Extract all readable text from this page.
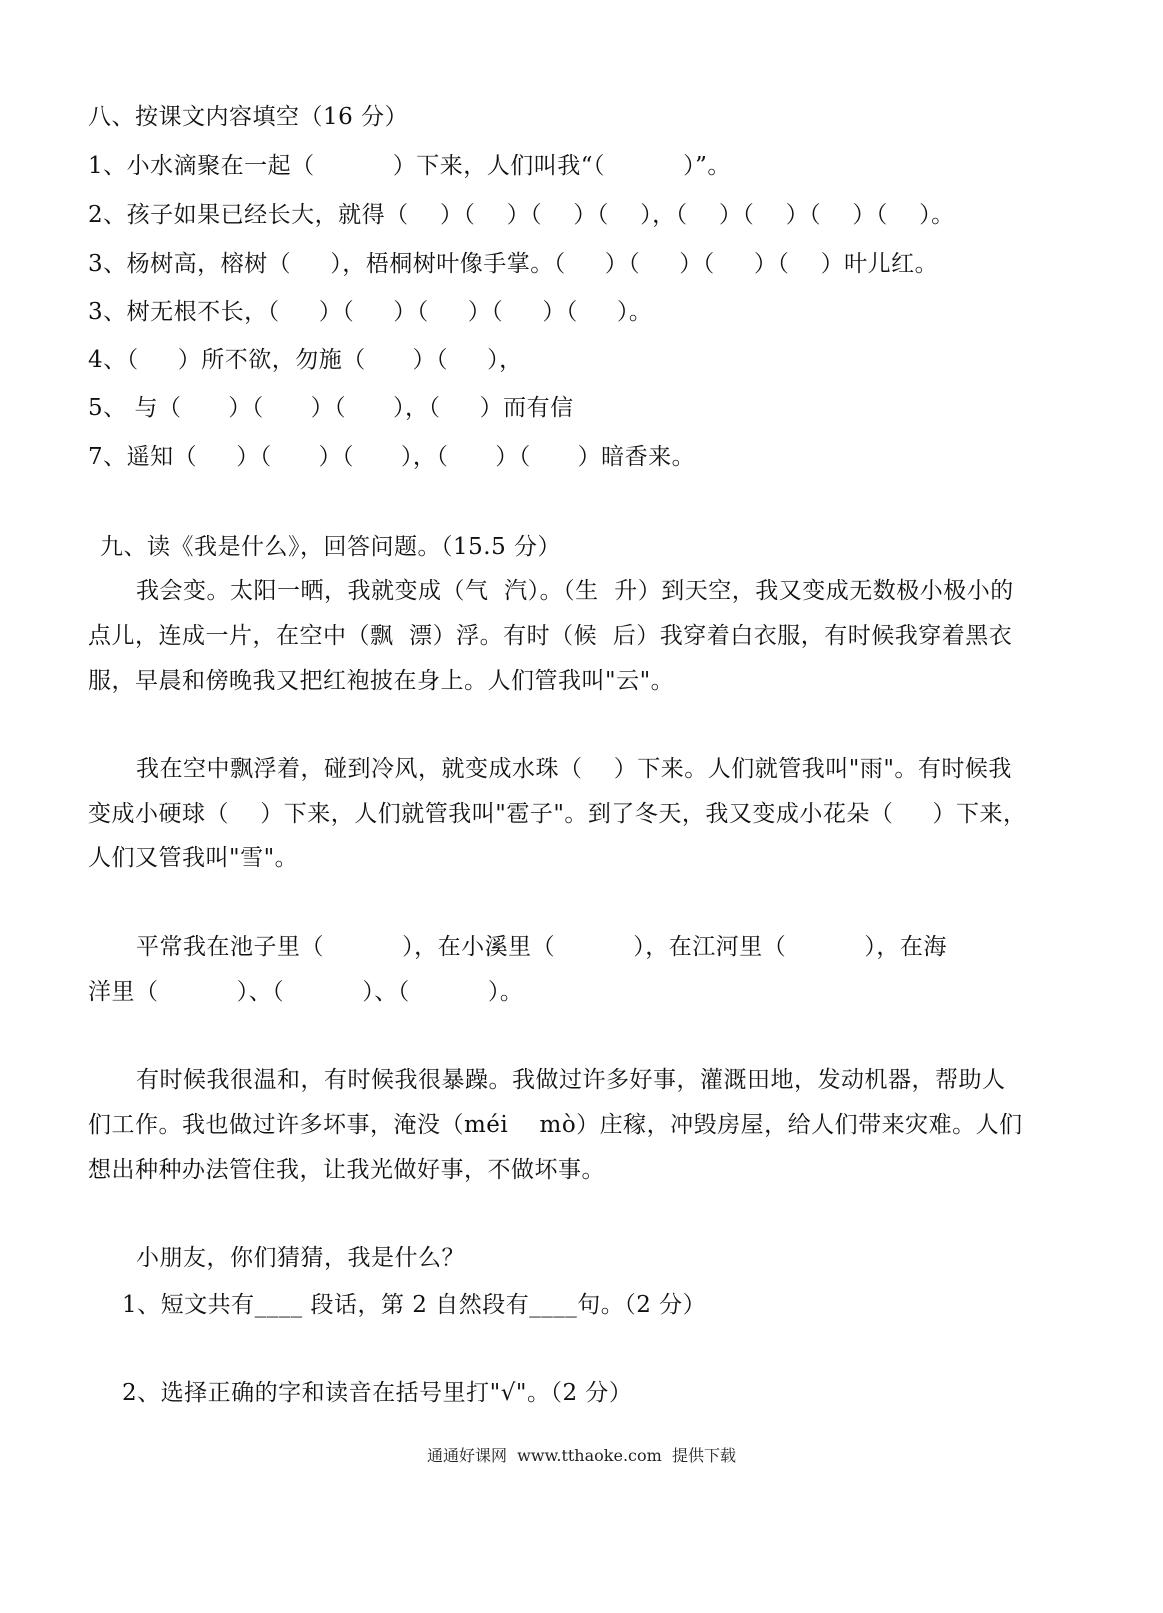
八、按课文内容填空（16 分）
1、小水滴聚在一起（          ）下来，人们叫我“（          ）”。
2、孩子如果已经长大，就得（    ）（    ）（    ）（    ），（    ）（    ）（    ）（    ）。
3、杨树高，榕树（     ），梧桐树叶像手掌。（     ）（     ）（     ）（    ）叶儿红。
3、树无根不长，（     ）（     ）（     ）（     ）（     ）。
4、（     ）所不欲，勿施（      ）（     ），
5、 与（      ）（      ）（      ），（     ）而有信
7、遥知（     ）（      ）（      ），（      ）（      ）暗香来。
九、读《我是什么》，回答问题。（15.5 分）
我会变。太阳一晒，我就变成（气  汽）。（生  升）到天空，我又变成无数极小极小的
点儿，连成一片，在空中（飘  漂）浮。有时（候  后）我穿着白衣服，有时候我穿着黑衣
服，早晨和傍晚我又把红袍披在身上。人们管我叫"云"。
我在空中飘浮着，碰到冷风，就变成水珠（    ）下来。人们就管我叫"雨"。有时候我
变成小硬球（    ）下来，人们就管我叫"雹子"。到了冬天，我又变成小花朵（     ）下来，
人们又管我叫"雪"。
平常我在池子里（          ），在小溪里（          ），在江河里（          ），在海
洋里（          ）、（          ）、（          ）。
有时候我很温和，有时候我很暴躁。我做过许多好事，灌溉田地，发动机器，帮助人
们工作。我也做过许多坏事，淹没（méi    mò）庄稼，冲毁房屋，给人们带来灾难。人们
想出种种办法管住我，让我光做好事，不做坏事。
小朋友，你们猜猜，我是什么？
1、短文共有____ 段话，第 2 自然段有____句。（2 分）
2、选择正确的字和读音在括号里打"√"。（2 分）
通通好课网  www.tthaoke.com  提供下载
